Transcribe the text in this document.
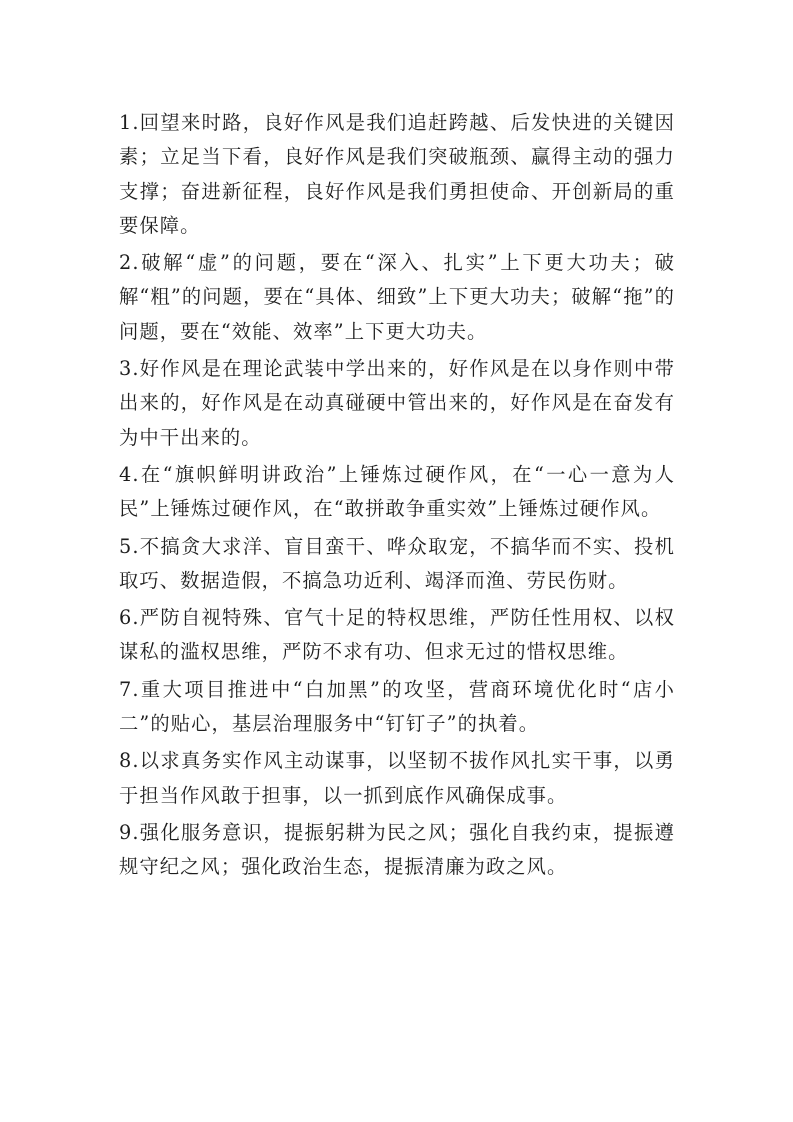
1.回望来时路，良好作风是我们追赶跨越、后发快进的关键因素；立足当下看，良好作风是我们突破瓶颈、赢得主动的强力支撑；奋进新征程，良好作风是我们勇担使命、开创新局的重要保障。

2.破解“虚”的问题，要在“深入、扎实”上下更大功夫；破解“粗”的问题，要在“具体、细致”上下更大功夫；破解“拖”的问题，要在“效能、效率”上下更大功夫。

3.好作风是在理论武装中学出来的，好作风是在以身作则中带出来的，好作风是在动真碰硬中管出来的，好作风是在奋发有为中干出来的。

4.在“旗帜鲜明讲政治”上锤炼过硬作风，在“一心一意为人民”上锤炼过硬作风，在“敢拼敢争重实效”上锤炼过硬作风。

5.不搞贪大求洋、盲目蛮干、哗众取宠，不搞华而不实、投机取巧、数据造假，不搞急功近利、竭泽而渔、劳民伤财。

6.严防自视特殊、官气十足的特权思维，严防任性用权、以权谋私的滥权思维，严防不求有功、但求无过的惜权思维。

7.重大项目推进中“白加黑”的攻坚，营商环境优化时“店小二”的贴心，基层治理服务中“钉钉子”的执着。

8.以求真务实作风主动谋事，以坚韧不拔作风扎实干事，以勇于担当作风敢于担事，以一抓到底作风确保成事。

9.强化服务意识，提振躬耕为民之风；强化自我约束，提振遵规守纪之风；强化政治生态，提振清廉为政之风。
